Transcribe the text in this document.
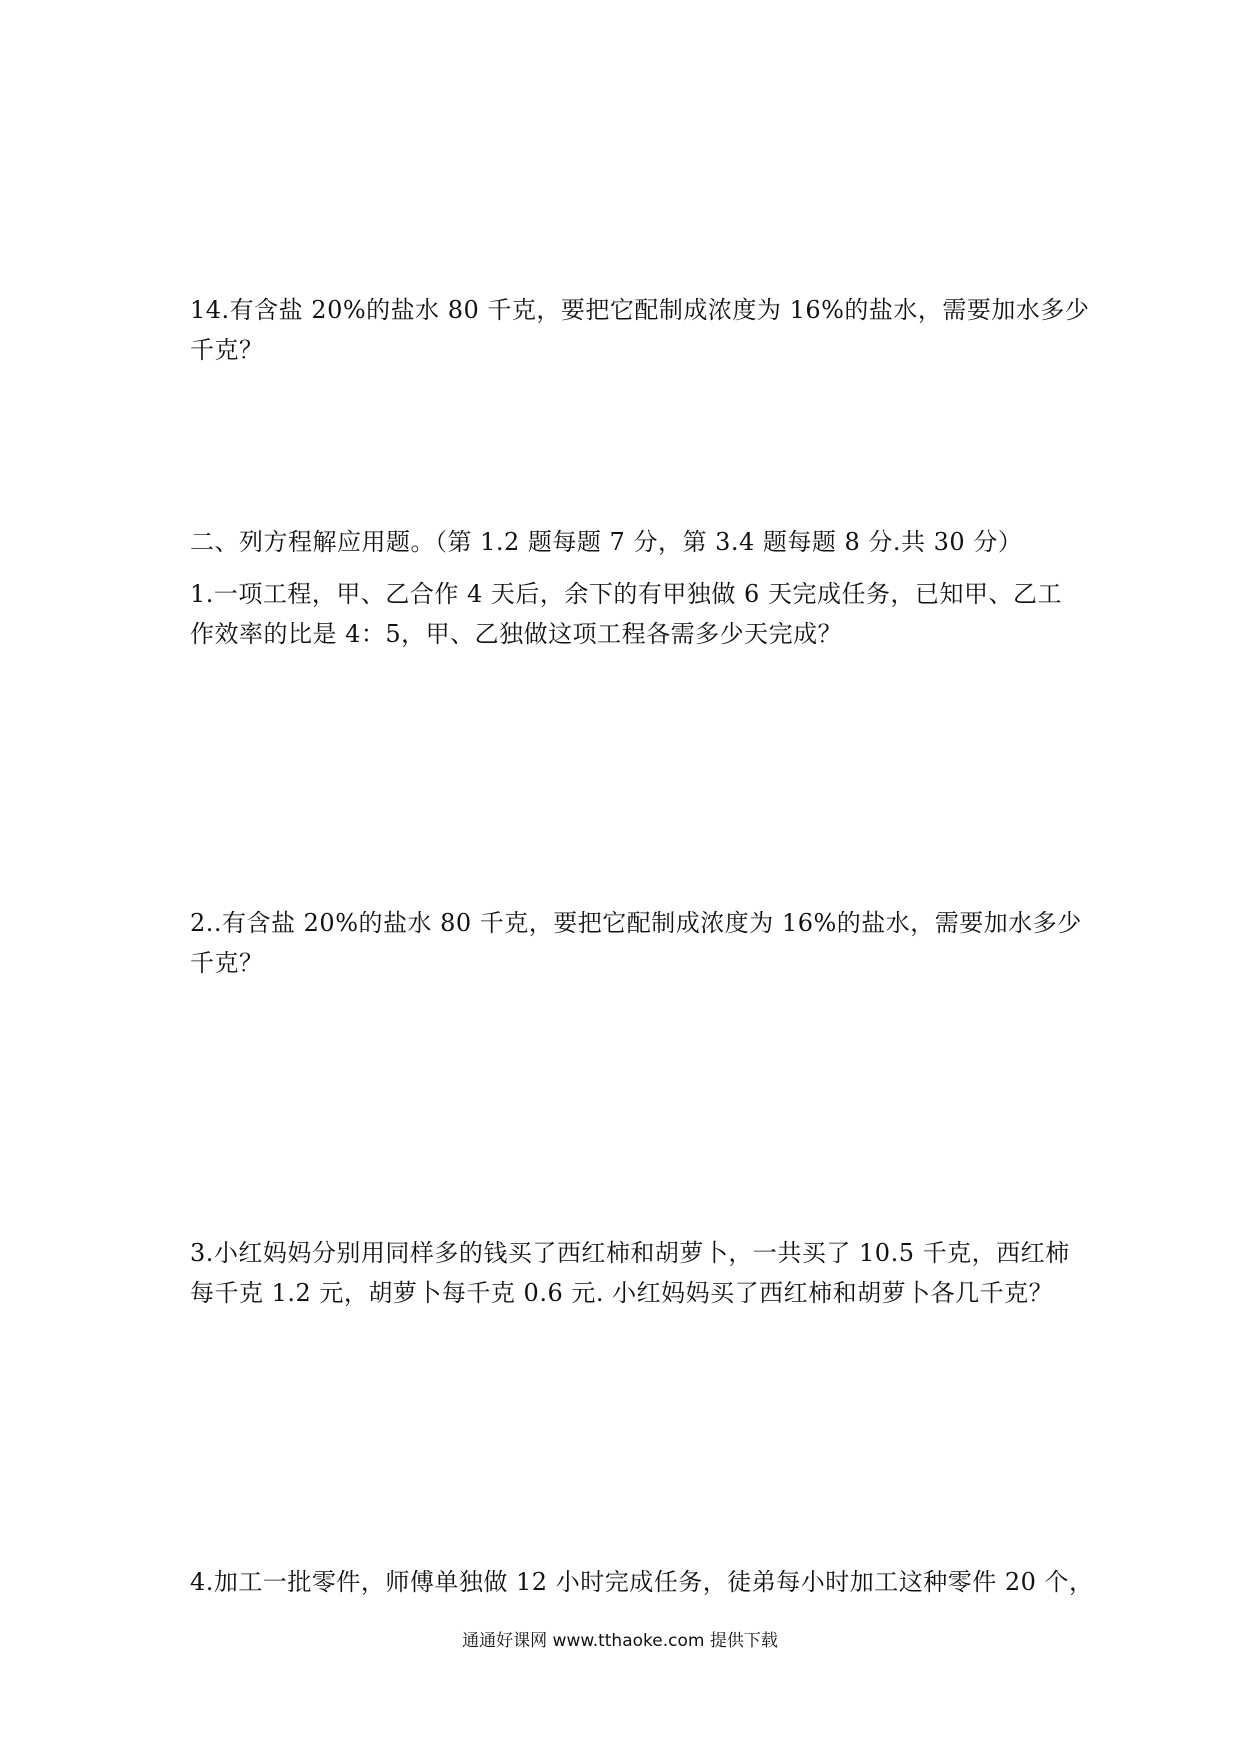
14.有含盐 20%的盐水 80 千克，要把它配制成浓度为 16%的盐水，需要加水多少
千克？
二、列方程解应用题。（第 1.2 题每题 7 分，第 3.4 题每题 8 分.共 30 分）
1.一项工程，甲、乙合作 4 天后，余下的有甲独做 6 天完成任务，已知甲、乙工
作效率的比是 4：5，甲、乙独做这项工程各需多少天完成？
2..有含盐 20%的盐水 80 千克，要把它配制成浓度为 16%的盐水，需要加水多少
千克？
3.小红妈妈分别用同样多的钱买了西红柿和胡萝卜，一共买了 10.5 千克，西红柿
每千克 1.2 元，胡萝卜每千克 0.6 元. 小红妈妈买了西红柿和胡萝卜各几千克？
4.加工一批零件，师傅单独做 12 小时完成任务，徒弟每小时加工这种零件 20 个，
通通好课网 www.tthaoke.com 提供下载
